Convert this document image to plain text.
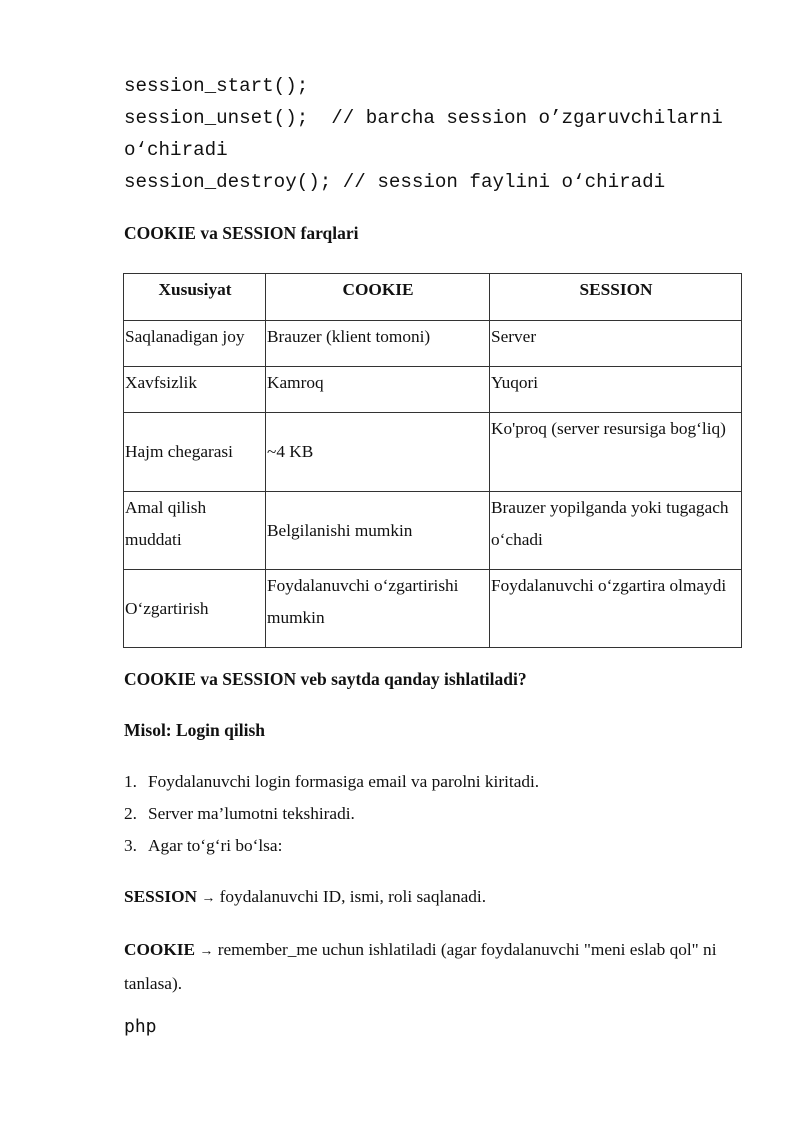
session_start();
session_unset();  // barcha session o’zgaruvchilarni
o‘chiradi
session_destroy(); // session faylini o‘chiradi
COOKIE va SESSION farqlari
Xususiyat	COOKIE	SESSION
Saqlanadigan joy	Brauzer (klient tomoni)	Server
Xavfsizlik	Kamroq	Yuqori
Hajm chegarasi	~4 KB	Ko'proq (server resursiga bog‘liq)
Amal qilish muddati	Belgilanishi mumkin	Brauzer yopilganda yoki tugagach o‘chadi
O‘zgartirish	Foydalanuvchi o‘zgartirishi mumkin	Foydalanuvchi o‘zgartira olmaydi
COOKIE va SESSION veb saytda qanday ishlatiladi?
Misol: Login qilish
1. Foydalanuvchi login formasiga email va parolni kiritadi.
2. Server ma’lumotni tekshiradi.
3. Agar to‘g‘ri bo‘lsa:
SESSION → foydalanuvchi ID, ismi, roli saqlanadi.
COOKIE → remember_me uchun ishlatiladi (agar foydalanuvchi "meni eslab qol" ni tanlasa).
php
